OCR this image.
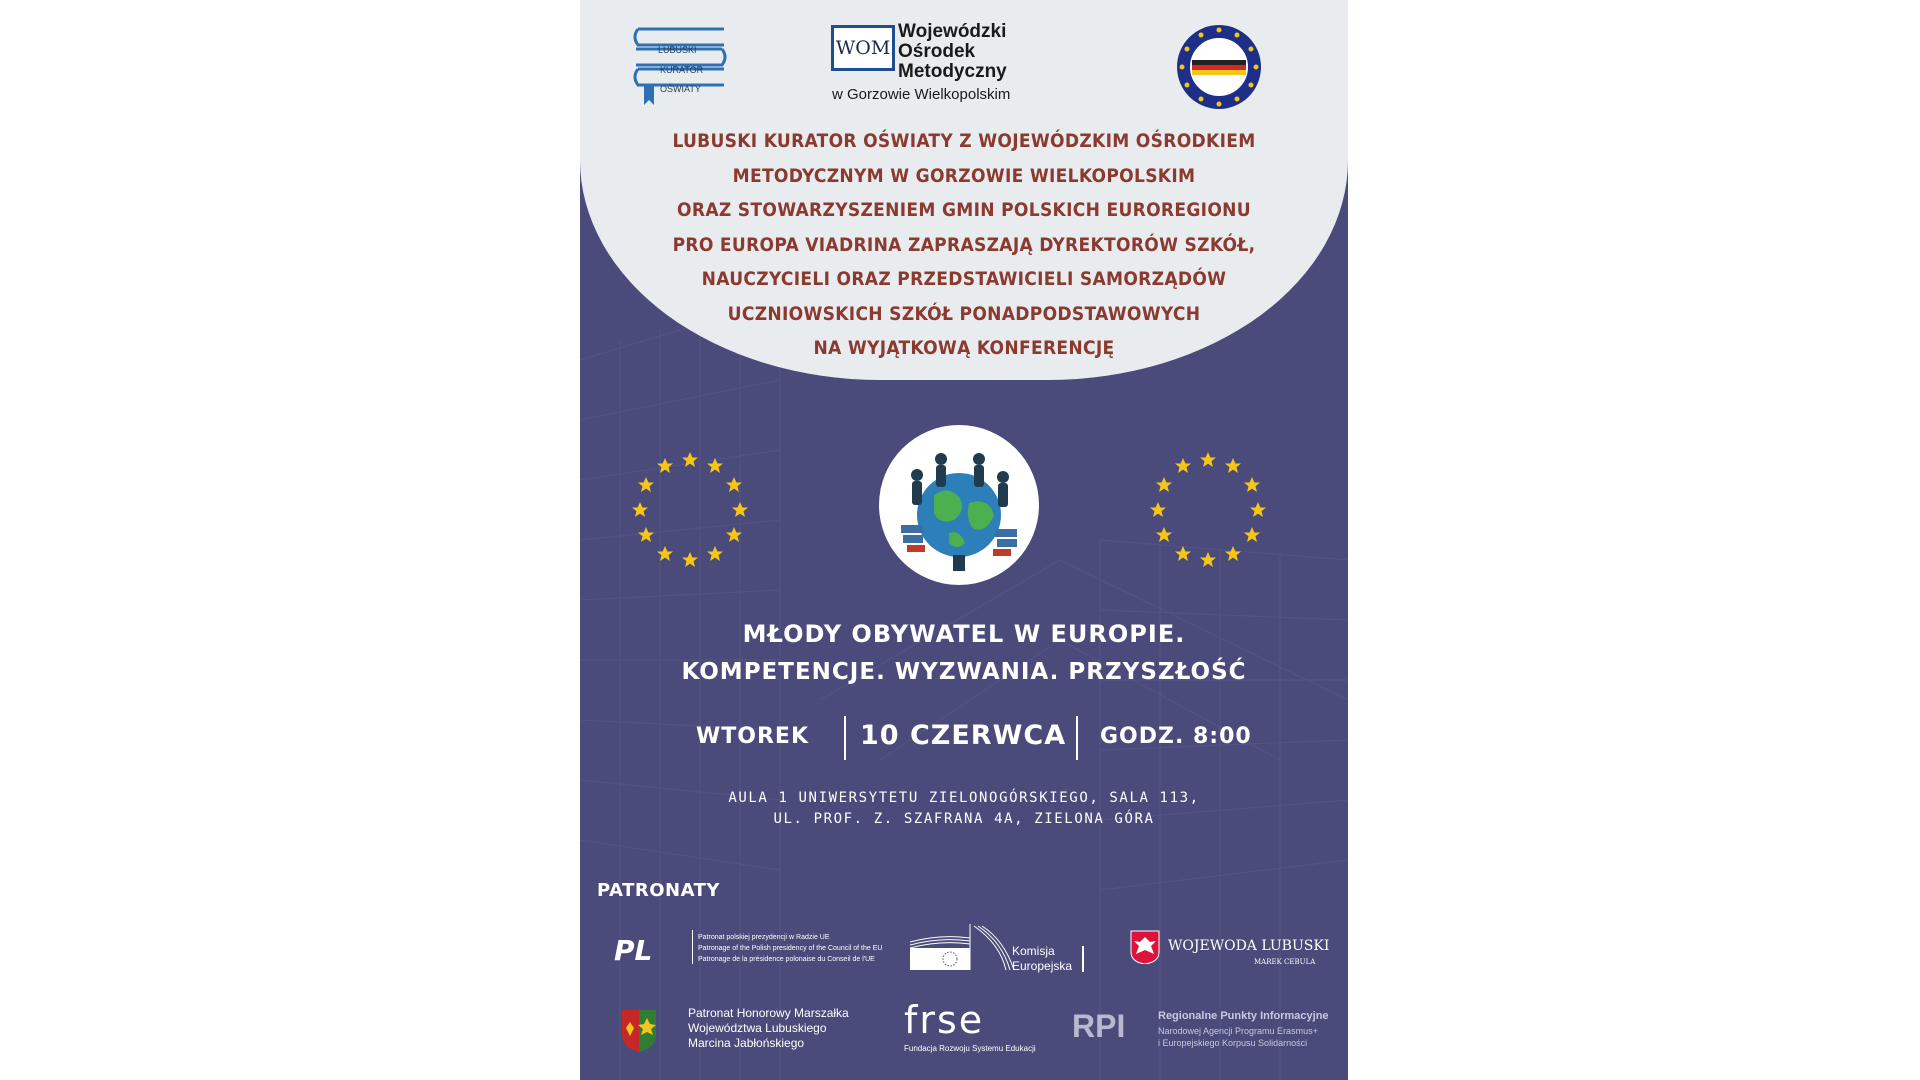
LUBUSKI
KURATOR
OŚWIATY
WOM
Wojewódzki
Ośrodek
Metodyczny
w Gorzowie Wielkopolskim
LUBUSKI KURATOR OŚWIATY Z WOJEWÓDZKIM OŚRODKIEM
METODYCZNYM W GORZOWIE WIELKOPOLSKIM
ORAZ STOWARZYSZENIEM GMIN POLSKICH EUROREGIONU
PRO EUROPA VIADRINA ZAPRASZAJĄ DYREKTORÓW SZKÓŁ,
NAUCZYCIELI ORAZ PRZEDSTAWICIELI SAMORZĄDÓW
UCZNIOWSKICH SZKÓŁ PONADPODSTAWOWYCH
NA WYJĄTKOWĄ KONFERENCJĘ
MŁODY OBYWATEL W EUROPIE.
KOMPETENCJE. WYZWANIA. PRZYSZŁOŚĆ
WTOREK 10 CZERWCA GODZ. 8:00
AULA 1 UNIWERSYTETU ZIELONOGÓRSKIEGO, SALA 113,
UL. PROF. Z. SZAFRANA 4A, ZIELONA GÓRA
PATRONATY
PL	Patronat polskiej prezydencji w Radzie UE
Patronage of the Polish presidency of the Council of the EU
Patronage de la présidence polonaise du Conseil de l'UE
Komisja
Europejska
WOJEWODA LUBUSKI
MAREK CEBULA
Patronat Honorowy Marszałka
Województwa Lubuskiego
Marcina Jabłońskiego
frse
Fundacja Rozwoju Systemu Edukacji
RPI	Regionalne Punkty Informacyjne
Narodowej Agencji Programu Erasmus+
i Europejskiego Korpusu Solidarności
